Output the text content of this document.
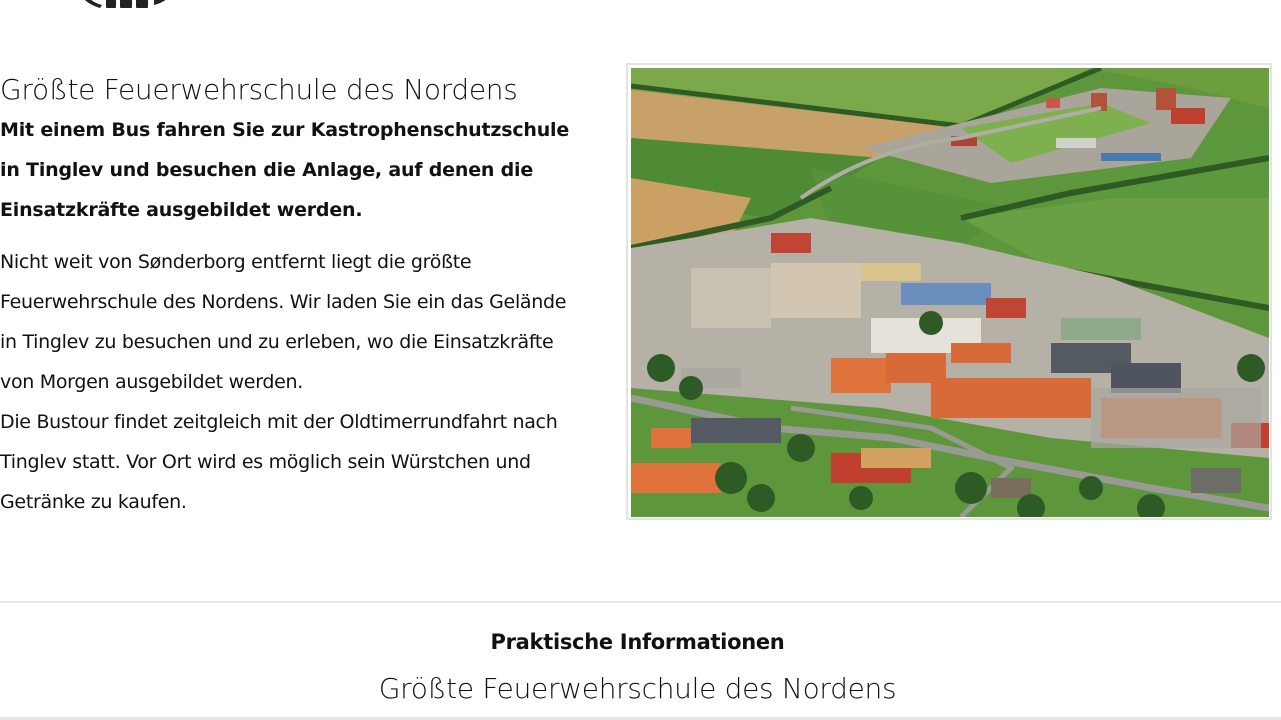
Größte Feuerwehrschule des Nordens

Mit einem Bus fahren Sie zur Kastrophenschutzschule in Tinglev und besuchen die Anlage, auf denen die Einsatzkräfte ausgebildet werden.

Nicht weit von Sønderborg entfernt liegt die größte Feuerwehrschule des Nordens. Wir laden Sie ein das Gelände in Tinglev zu besuchen und zu erleben, wo die Einsatzkräfte von Morgen ausgebildet werden.
Die Bustour findet zeitgleich mit der Oldtimerrundfahrt nach Tinglev statt. Vor Ort wird es möglich sein Würstchen und Getränke zu kaufen.

Praktische Informationen
Größte Feuerwehrschule des Nordens
